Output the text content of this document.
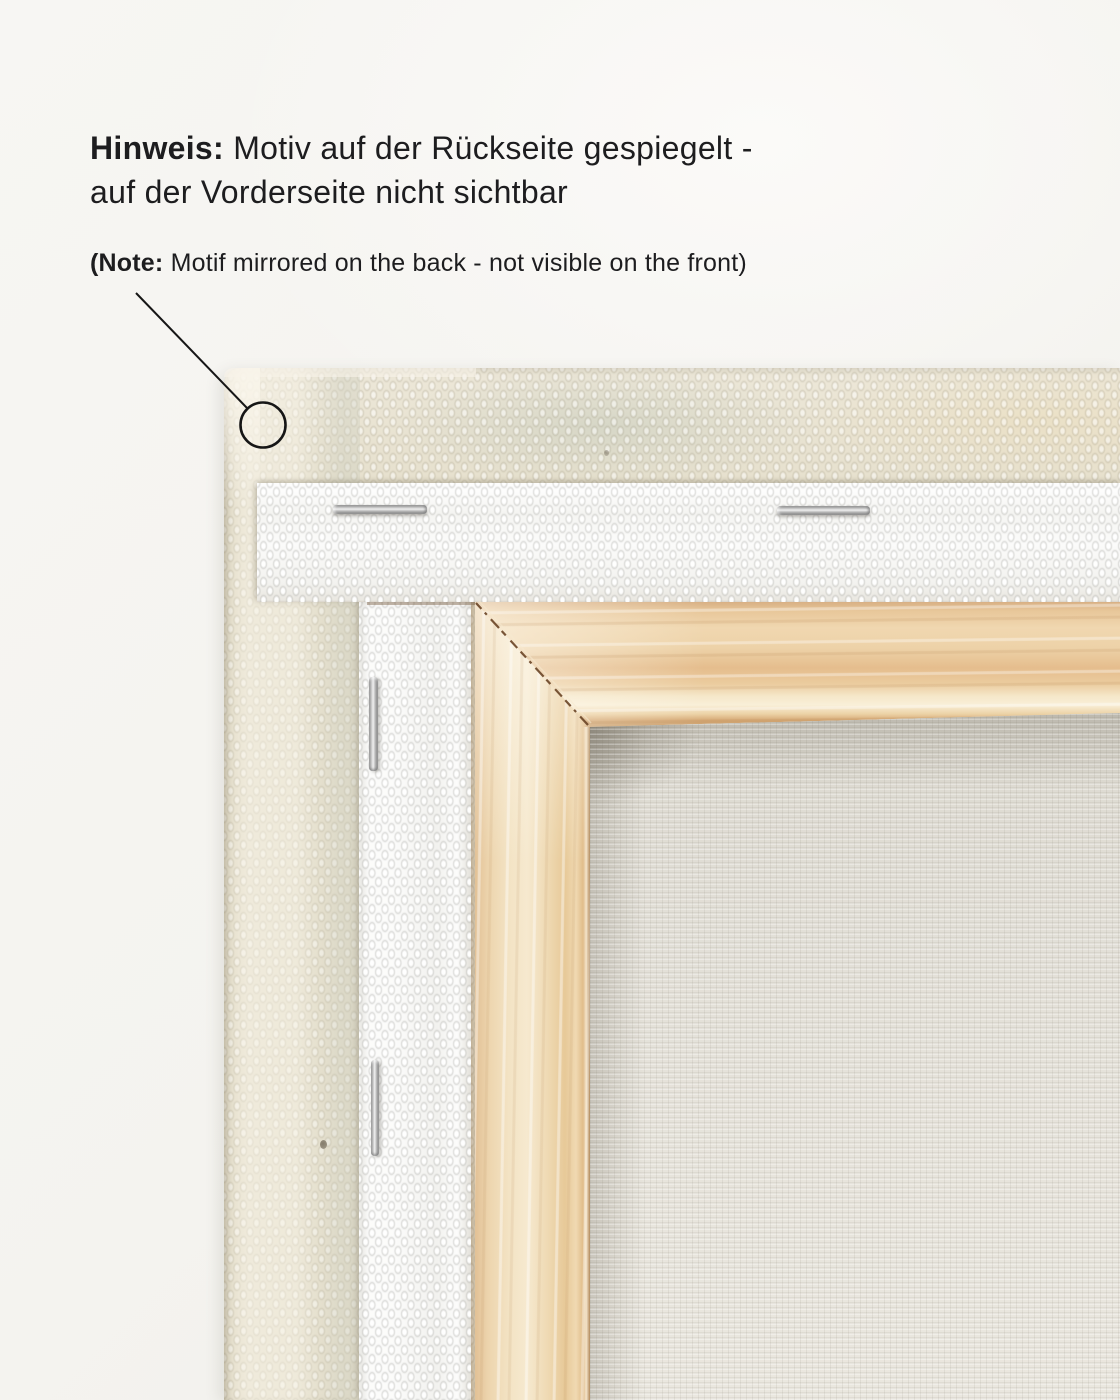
Hinweis: Motiv auf der Rückseite gespiegelt -
auf der Vorderseite nicht sichtbar
(Note: Motif mirrored on the back - not visible on the front)
